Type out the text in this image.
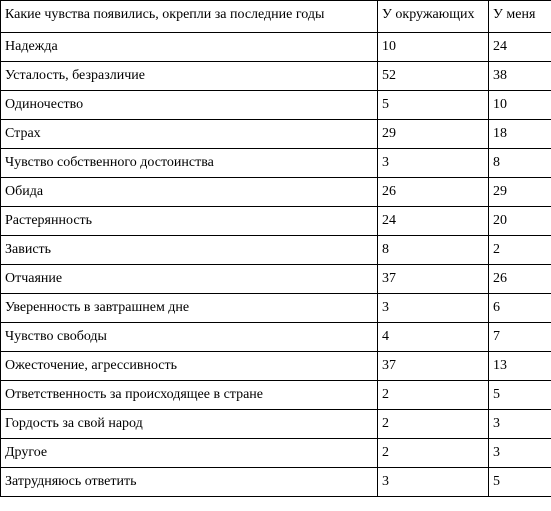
Какие чувства появились, окрепли за последние годы	У окружающих	У меня
Надежда	10	24
Усталость, безразличие	52	38
Одиночество	5	10
Страх	29	18
Чувство собственного достоинства	3	8
Обида	26	29
Растерянность	24	20
Зависть	8	2
Отчаяние	37	26
Уверенность в завтрашнем дне	3	6
Чувство свободы	4	7
Ожесточение, агрессивность	37	13
Ответственность за происходящее в стране	2	5
Гордость за свой народ	2	3
Другое	2	3
Затрудняюсь ответить	3	5
